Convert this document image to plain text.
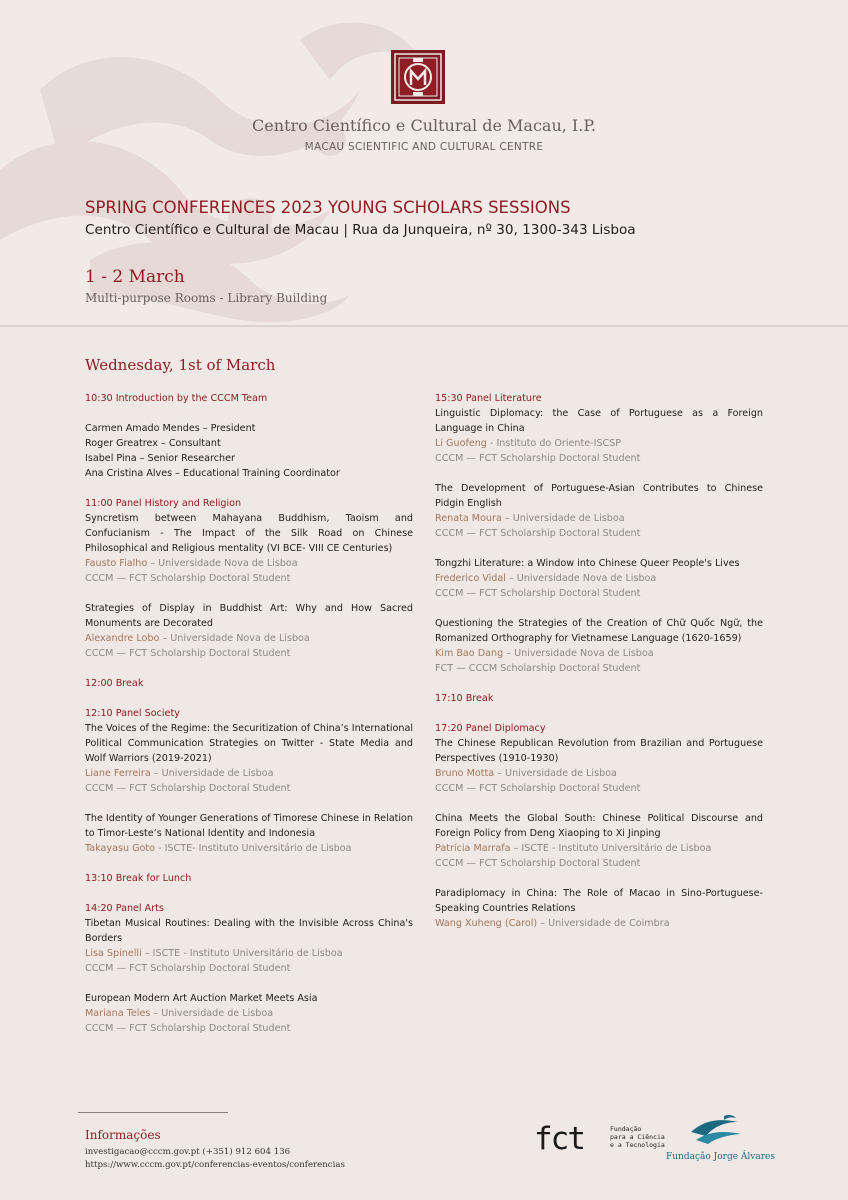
Centro Científico e Cultural de Macau, I.P.
MACAU SCIENTIFIC AND CULTURAL CENTRE
SPRING CONFERENCES 2023 YOUNG SCHOLARS SESSIONS
Centro Científico e Cultural de Macau | Rua da Junqueira, nº 30, 1300-343 Lisboa
1 - 2 March
Multi-purpose Rooms - Library Building
Wednesday, 1st of March
10:30 Introduction by the CCCM Team

Carmen Amado Mendes – President
Roger Greatrex – Consultant
Isabel Pina – Senior Researcher
Ana Cristina Alves – Educational Training Coordinator
11:00 Panel History and Religion
Syncretism between Mahayana Buddhism, Taoism and Confucianism - The Impact of the Silk Road on Chinese Philosophical and Religious mentality (VI BCE- VIII CE Centuries)
Fausto Fialho – Universidade Nova de Lisboa
CCCM — FCT Scholarship Doctoral Student
Strategies of Display in Buddhist Art: Why and How Sacred Monuments are Decorated
Alexandre Lobo – Universidade Nova de Lisboa
CCCM — FCT Scholarship Doctoral Student
12:00 Break
12:10 Panel Society
The Voices of the Regime: the Securitization of China’s International Political Communication Strategies on Twitter - State Media and Wolf Warriors (2019-2021)
Liane Ferreira – Universidade de Lisboa
CCCM — FCT Scholarship Doctoral Student
The Identity of Younger Generations of Timorese Chinese in Relation to Timor-Leste’s National Identity and Indonesia
Takayasu Goto - ISCTE- Instituto Universitário de Lisboa
13:10 Break for Lunch
14:20 Panel Arts
Tibetan Musical Routines: Dealing with the Invisible Across China's Borders
Lisa Spinelli – ISCTE - Instituto Universitário de Lisboa
CCCM — FCT Scholarship Doctoral Student
European Modern Art Auction Market Meets Asia
Mariana Teles – Universidade de Lisboa
CCCM — FCT Scholarship Doctoral Student
15:30 Panel Literature
Linguistic Diplomacy: the Case of Portuguese as a Foreign Language in China
Li Guofeng - Instituto do Oriente-ISCSP
CCCM — FCT Scholarship Doctoral Student
The Development of Portuguese-Asian Contributes to Chinese Pidgin English
Renata Moura – Universidade de Lisboa
CCCM — FCT Scholarship Doctoral Student
Tongzhi Literature: a Window into Chinese Queer People's Lives
Frederico Vidal – Universidade Nova de Lisboa
CCCM — FCT Scholarship Doctoral Student
Questioning the Strategies of the Creation of Chữ Quốc Ngữ, the Romanized Orthography for Vietnamese Language (1620-1659)
Kim Bao Dang – Universidade Nova de Lisboa
FCT — CCCM Scholarship Doctoral Student
17:10 Break
17:20 Panel Diplomacy
The Chinese Republican Revolution from Brazilian and Portuguese Perspectives (1910-1930)
Bruno Motta – Universidade de Lisboa
CCCM — FCT Scholarship Doctoral Student
China Meets the Global South: Chinese Political Discourse and Foreign Policy from Deng Xiaoping to Xi Jinping
Patrícia Marrafa – ISCTE - Instituto Universitário de Lisboa
CCCM — FCT Scholarship Doctoral Student
Paradiplomacy in China: The Role of Macao in Sino-Portuguese-Speaking Countries Relations
Wang Xuheng (Carol) – Universidade de Coimbra
Informações
investigacao@cccm.gov.pt (+351) 912 604 136
https://www.cccm.gov.pt/conferencias-eventos/conferencias
fct	Fundação
para a Ciência
e a Tecnologia
Fundação Jorge Álvares
